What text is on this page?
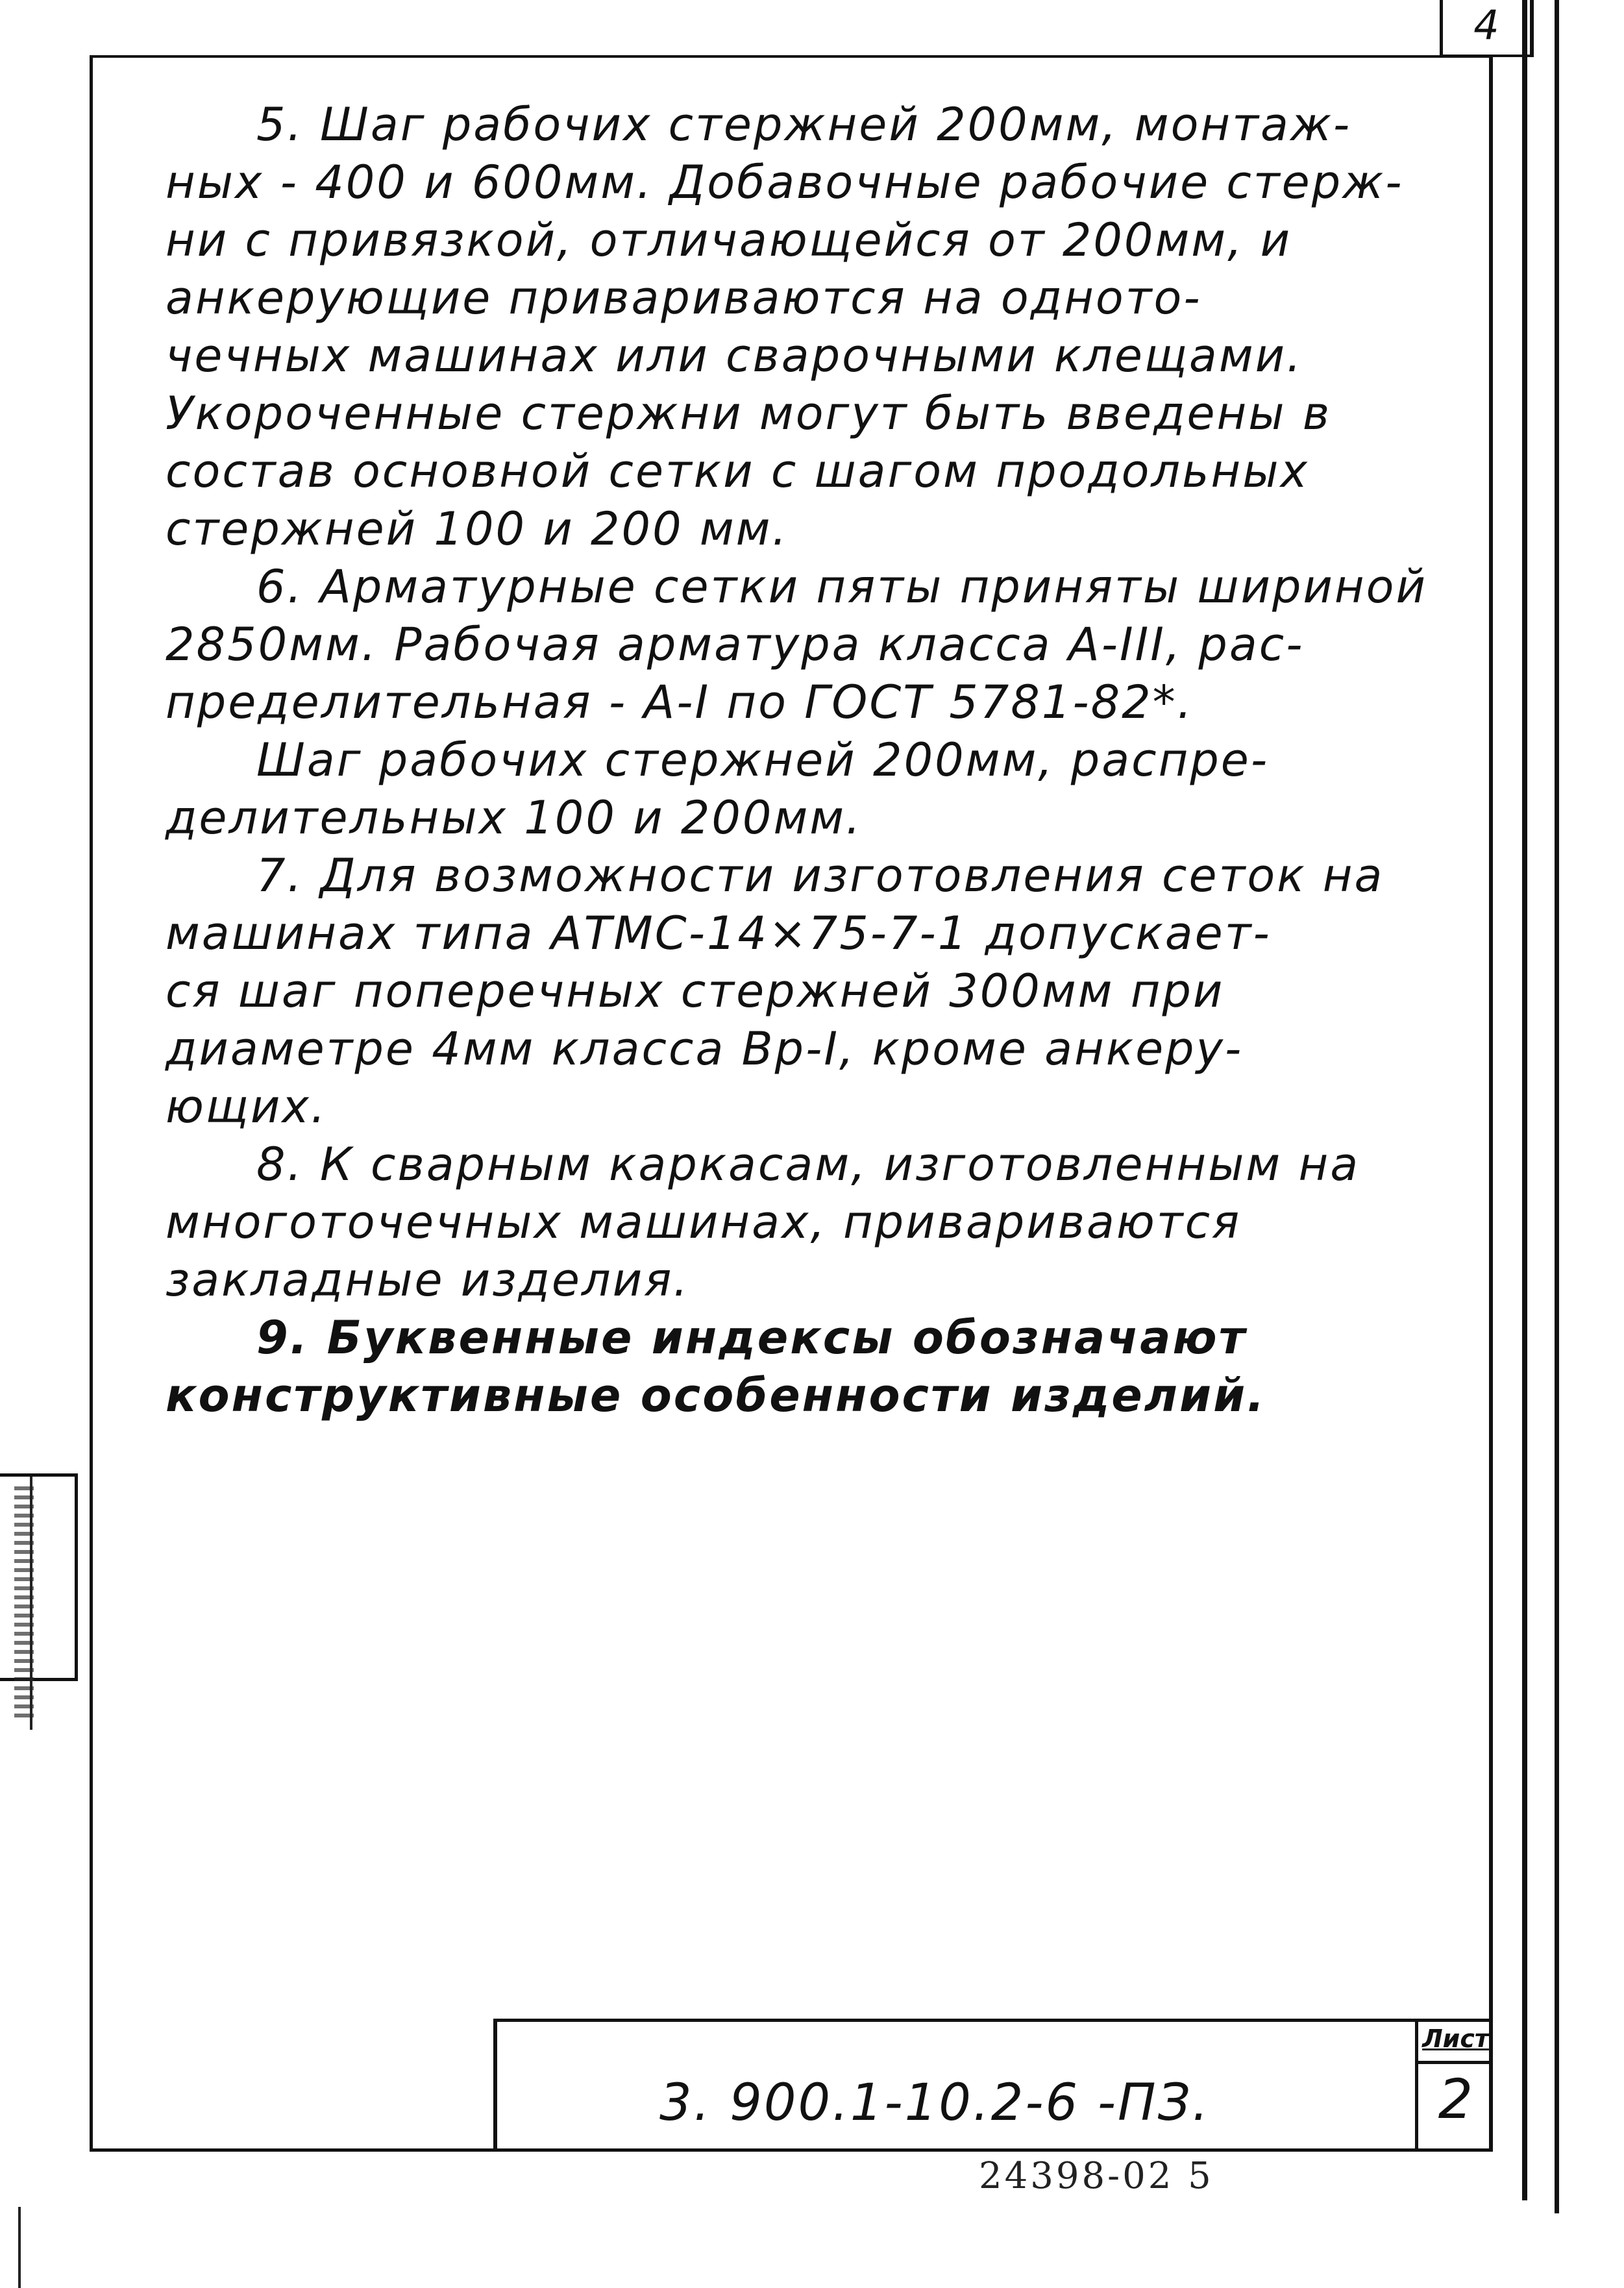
4
5. Шаг рабочих стержней 200мм, монтаж-
ных - 400 и 600мм. Добавочные рабочие стерж-
ни с привязкой, отличающейся от 200мм, и
анкерующие привариваются на одното-
чечных машинах или сварочными клещами.
Укороченные стержни могут быть введены в
состав основной сетки с шагом продольных
стержней 100 и 200 мм.
6. Арматурные сетки пяты приняты шириной
2850мм. Рабочая арматура класса А-III, рас-
пределительная - А-I по ГОСТ 5781-82*.
Шаг рабочих стержней 200мм, распре-
делительных 100 и 200мм.
7. Для возможности изготовления сеток на
машинах типа АТМС-14×75-7-1 допускает-
ся шаг поперечных стержней 300мм при
диаметре 4мм класса Вр-I, кроме анкеру-
ющих.
8. К сварным каркасам, изготовленным на
многоточечных машинах, привариваются
закладные изделия.
9. Буквенные индексы обозначают
конструктивные особенности изделий.
3. 900.1-10.2-6 -ПЗ.
Лист
2
24398-02 5
